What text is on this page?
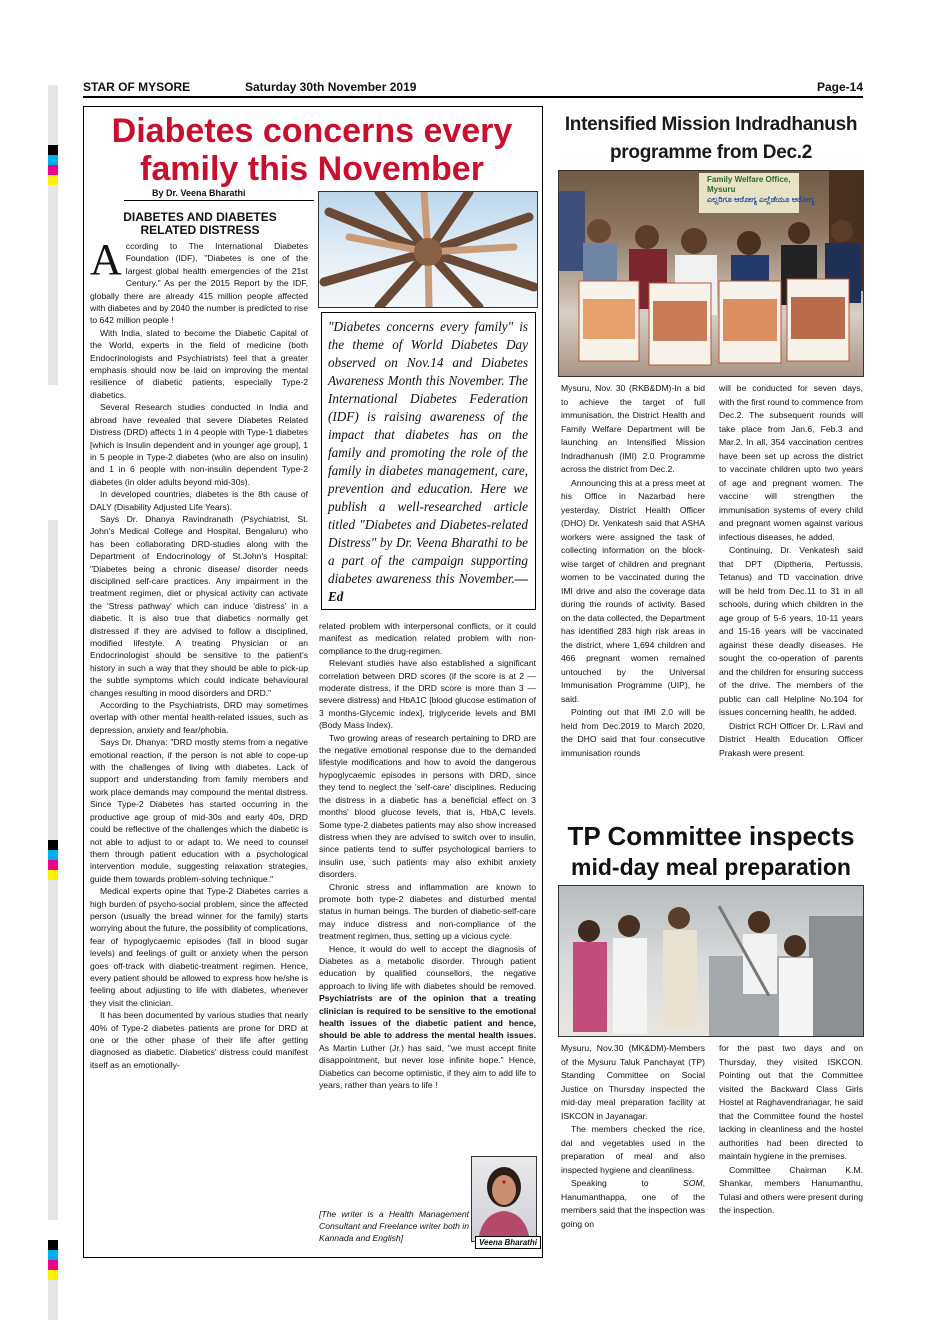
STAR OF MYSORE	Saturday 30th November 2019	Page-14
Diabetes concerns every
family this November
By Dr. Veena Bharathi
DIABETES AND DIABETES
RELATED DISTRESS
"Diabetes concerns every family" is the theme of World Diabetes Day observed on Nov.14 and Diabetes Awareness Month this November. The International Diabetes Federation (IDF) is raising awareness of the impact that diabetes has on the family and promoting the role of the family in diabetes management, care, prevention and education. Here we publish a well-researched article titled "Diabetes and Diabetes-related Distress" by Dr. Veena Bharathi to be a part of the campaign supporting diabetes awareness this November.—Ed

According to The International Diabetes Foundation (IDF), "Diabetes is one of the largest global health emergencies of the 21st Century." As per the 2015 Report by the IDF, globally there are already 415 million people affected with diabetes and by 2040 the number is predicted to rise to 642 million people !

With India, slated to become the Diabetic Capital of the World, experts in the field of medicine (both Endocrinologists and Psychiatrists) feel that a greater emphasis should now be laid on improving the mental resilience of diabetic patients, especially Type-2 diabetics.

Several Research studies conducted in India and abroad have revealed that severe Diabetes Related Distress (DRD) affects 1 in 4 people with Type-1 diabetes [which is Insulin dependent and in younger age group], 1 in 5 people in Type-2 diabetes (who are also on insulin) and 1 in 6 people with non-insulin dependent Type-2 diabetes (in older adults beyond mid-30s).

In developed countries, diabetes is the 8th cause of DALY (Disability Adjusted Life Years).

Says Dr. Dhanya Ravindranath (Psychiatrist, St. John's Medical College and Hospital, Bengaluru) who has been collaborating DRD-studies along with the Department of Endocrinology of St.John's Hospital: "Diabetes being a chronic disease/ disorder needs disciplined self-care practices. Any impairment in the treatment regimen, diet or physical activity can activate the 'Stress pathway' which can induce 'distress' in a diabetic. It is also true that diabetics normally get distressed if they are advised to follow a disciplined, modified lifestyle. A treating Physician or an Endocrinologist should be sensitive to the patient's history in such a way that they should be able to pick-up the subtle symptoms which could indicate behavioural changes resulting in mood disorders and DRD."

According to the Psychiatrists, DRD may sometimes overlap with other mental health-related issues, such as depression, anxiety and fear/phobia.

Says Dr. Dhanya: "DRD mostly stems from a negative emotional reaction, if the person is not able to cope-up with the challenges of living with diabetes. Lack of support and understanding from family members and work place demands may compound the mental distress. Since Type-2 Diabetes has started occurring in the productive age group of mid-30s and early 40s, DRD could be reflective of the challenges which the diabetic is not able to adjust to or adapt to. We need to counsel them through patient education with a psychological intervention module, suggesting relaxation strategies, guide them towards problem-solving technique."

Medical experts opine that Type-2 Diabetes carries a high burden of psycho-social problem, since the affected person (usually the bread winner for the family) starts worrying about the future, the possibility of complications, fear of hypoglycaemic episodes (fall in blood sugar levels) and feelings of guilt or anxiety when the person goes off-track with diabetic-treatment regimen. Hence, every patient should be allowed to express how he/she is feeling about adjusting to life with diabetes, whenever they visit the clinician.

It has been documented by various studies that nearly 40% of Type-2 diabetes patients are prone for DRD at one or the other phase of their life after getting diagnosed as diabetic. Diabetics' distress could manifest itself as an emotionally-

related problem with interpersonal conflicts, or it could manifest as medication related problem with non-compliance to the drug-regimen.

Relevant studies have also established a significant correlation between DRD scores (if the score is at 2 — moderate distress, if the DRD score is more than 3 — severe distress) and HbA1C [blood glucose estimation of 3 months-Glycemic index], triglyceride levels and BMI (Body Mass Index).

Two growing areas of research pertaining to DRD are the negative emotional response due to the demanded lifestyle modifications and how to avoid the dangerous hypoglycaemic episodes in persons with DRD, since they tend to neglect the 'self-care' disciplines. Reducing the distress in a diabetic has a beneficial effect on 3 months' blood glucose levels, that is, HbA,C levels. Some type-2 diabetes patients may also show increased distress when they are advised to switch over to insulin, since patients tend to suffer psychological barriers to insulin use, such patients may also exhibit anxiety disorders.

Chronic stress and inflammation are known to promote both type-2 diabetes and disturbed mental status in human beings. The burden of diabetic-self-care may induce distress and non-compliance of the treatment regimen, thus, setting up a vicious cycle.

Hence, it would do well to accept the diagnosis of Diabetes as a metabolic disorder. Through patient education by qualified counsellors, the negative approach to living life with diabetes should be removed. Psychiatrists are of the opinion that a treating clinician is required to be sensitive to the emotional health issues of the diabetic patient and hence, should be able to address the mental health issues. As Martin Luther (Jr.) has said, "we must accept finite disappointment, but never lose infinite hope." Hence, Diabetics can become optimistic, if they aim to add life to years, rather than years to life !

[The writer is a Health Management Consultant and Freelance writer both in Kannada and English]	Veena Bharathi
Intensified Mission Indradhanush
programme from Dec.2
Family Welfare Office, Mysuru
ಎಲ್ಲರಿಗೂ ಆರೋಗ್ಯ ಎಲ್ಲೆಡೆಯೂ ಆರೋಗ್ಯ

Mysuru, Nov. 30 (RKB&DM)-In a bid to achieve the target of full immunisation, the District Health and Family Welfare Department will be launching an Intensified Mission Indradhanush (IMI) 2.0 Programme across the district from Dec.2.

Announcing this at a press meet at his Office in Nazarbad here yesterday, District Health Officer (DHO) Dr. Venkatesh said that ASHA workers were assigned the task of collecting information on the block-wise target of children and pregnant women to be vaccinated during the IMI drive and also the coverage data during the rounds of activity. Based on the data collected, the Department has identified 283 high risk areas in the district, where 1,694 children and 466 pregnant women remained untouched by the Universal Immunisation Programme (UIP), he said.

Pointing out that IMI 2.0 will be held from Dec.2019 to March 2020, the DHO said that four consecutive immunisation rounds

will be conducted for seven days, with the first round to commence from Dec.2. The subsequent rounds will take place from Jan.6, Feb.3 and Mar.2. In all, 354 vaccination centres have been set up across the district to vaccinate children upto two years of age and pregnant women. The vaccine will strengthen the immunisation systems of every child and pregnant women against various infectious diseases, he added.

Continuing, Dr. Venkatesh said that DPT (Diptheria, Pertussis, Tetanus) and TD vaccination drive will be held from Dec.11 to 31 in all schools, during which children in the age group of 5-6 years, 10-11 years and 15-16 years will be vaccinated against these deadly diseases. He sought the co-operation of parents and the children for ensuring success of the drive. The members of the public can call Helpline No.104 for issues concerning health, he added.

District RCH Officer Dr. L.Ravi and District Health Education Officer Prakash were present.

TP Committee inspects
mid-day meal preparation

Mysuru, Nov.30 (MK&DM)-Members of the Mysuru Taluk Panchayat (TP) Standing Committee on Social Justice on Thursday inspected the mid-day meal preparation facility at ISKCON in Jayanagar.

The members checked the rice, dal and vegetables used in the preparation of meal and also inspected hygiene and cleanliness.

Speaking to SOM, Hanumanthappa, one of the members said that the inspection was going on

for the past two days and on Thursday, they visited ISKCON. Pointing out that the Committee visited the Backward Class Girls Hostel at Raghavendranagar, he said that the Committee found the hostel lacking in cleanliness and the hostel authorities had been directed to maintain hygiene in the premises.

Committee Chairman K.M. Shankar, members Hanumanthu, Tulasi and others were present during the inspection.
